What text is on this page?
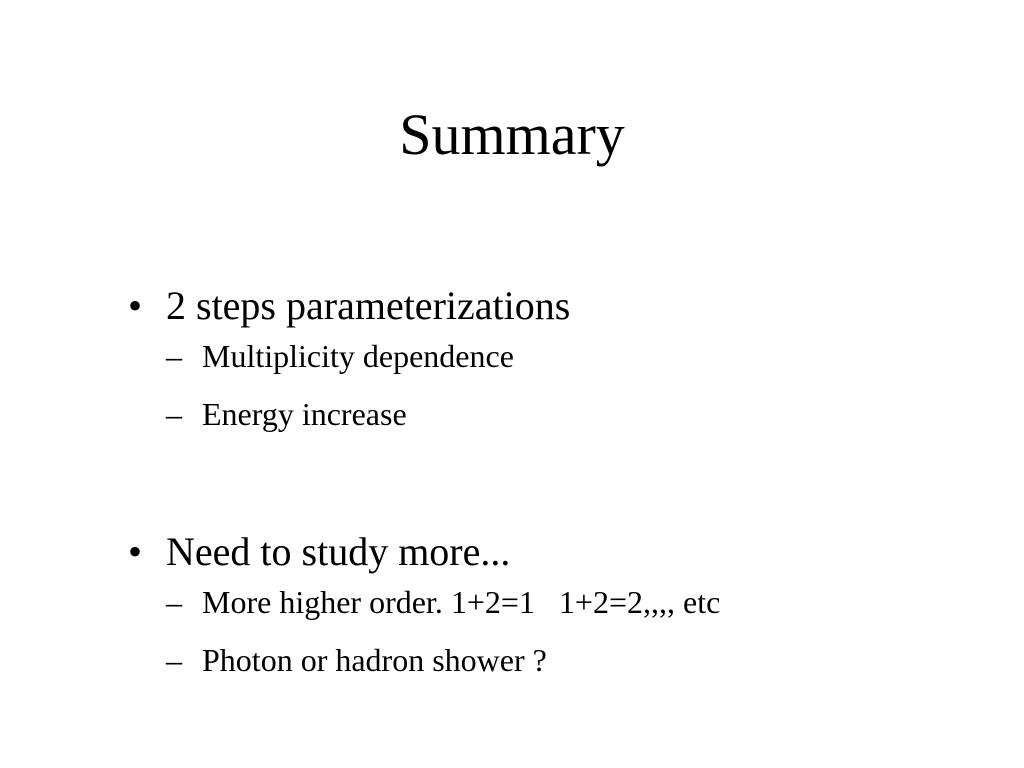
Summary

• 2 steps parameterizations

– Multiplicity dependence

– Energy increase

• Need to study more...

– More higher order. 1+2=1   1+2=2,,,, etc

– Photon or hadron shower ?
